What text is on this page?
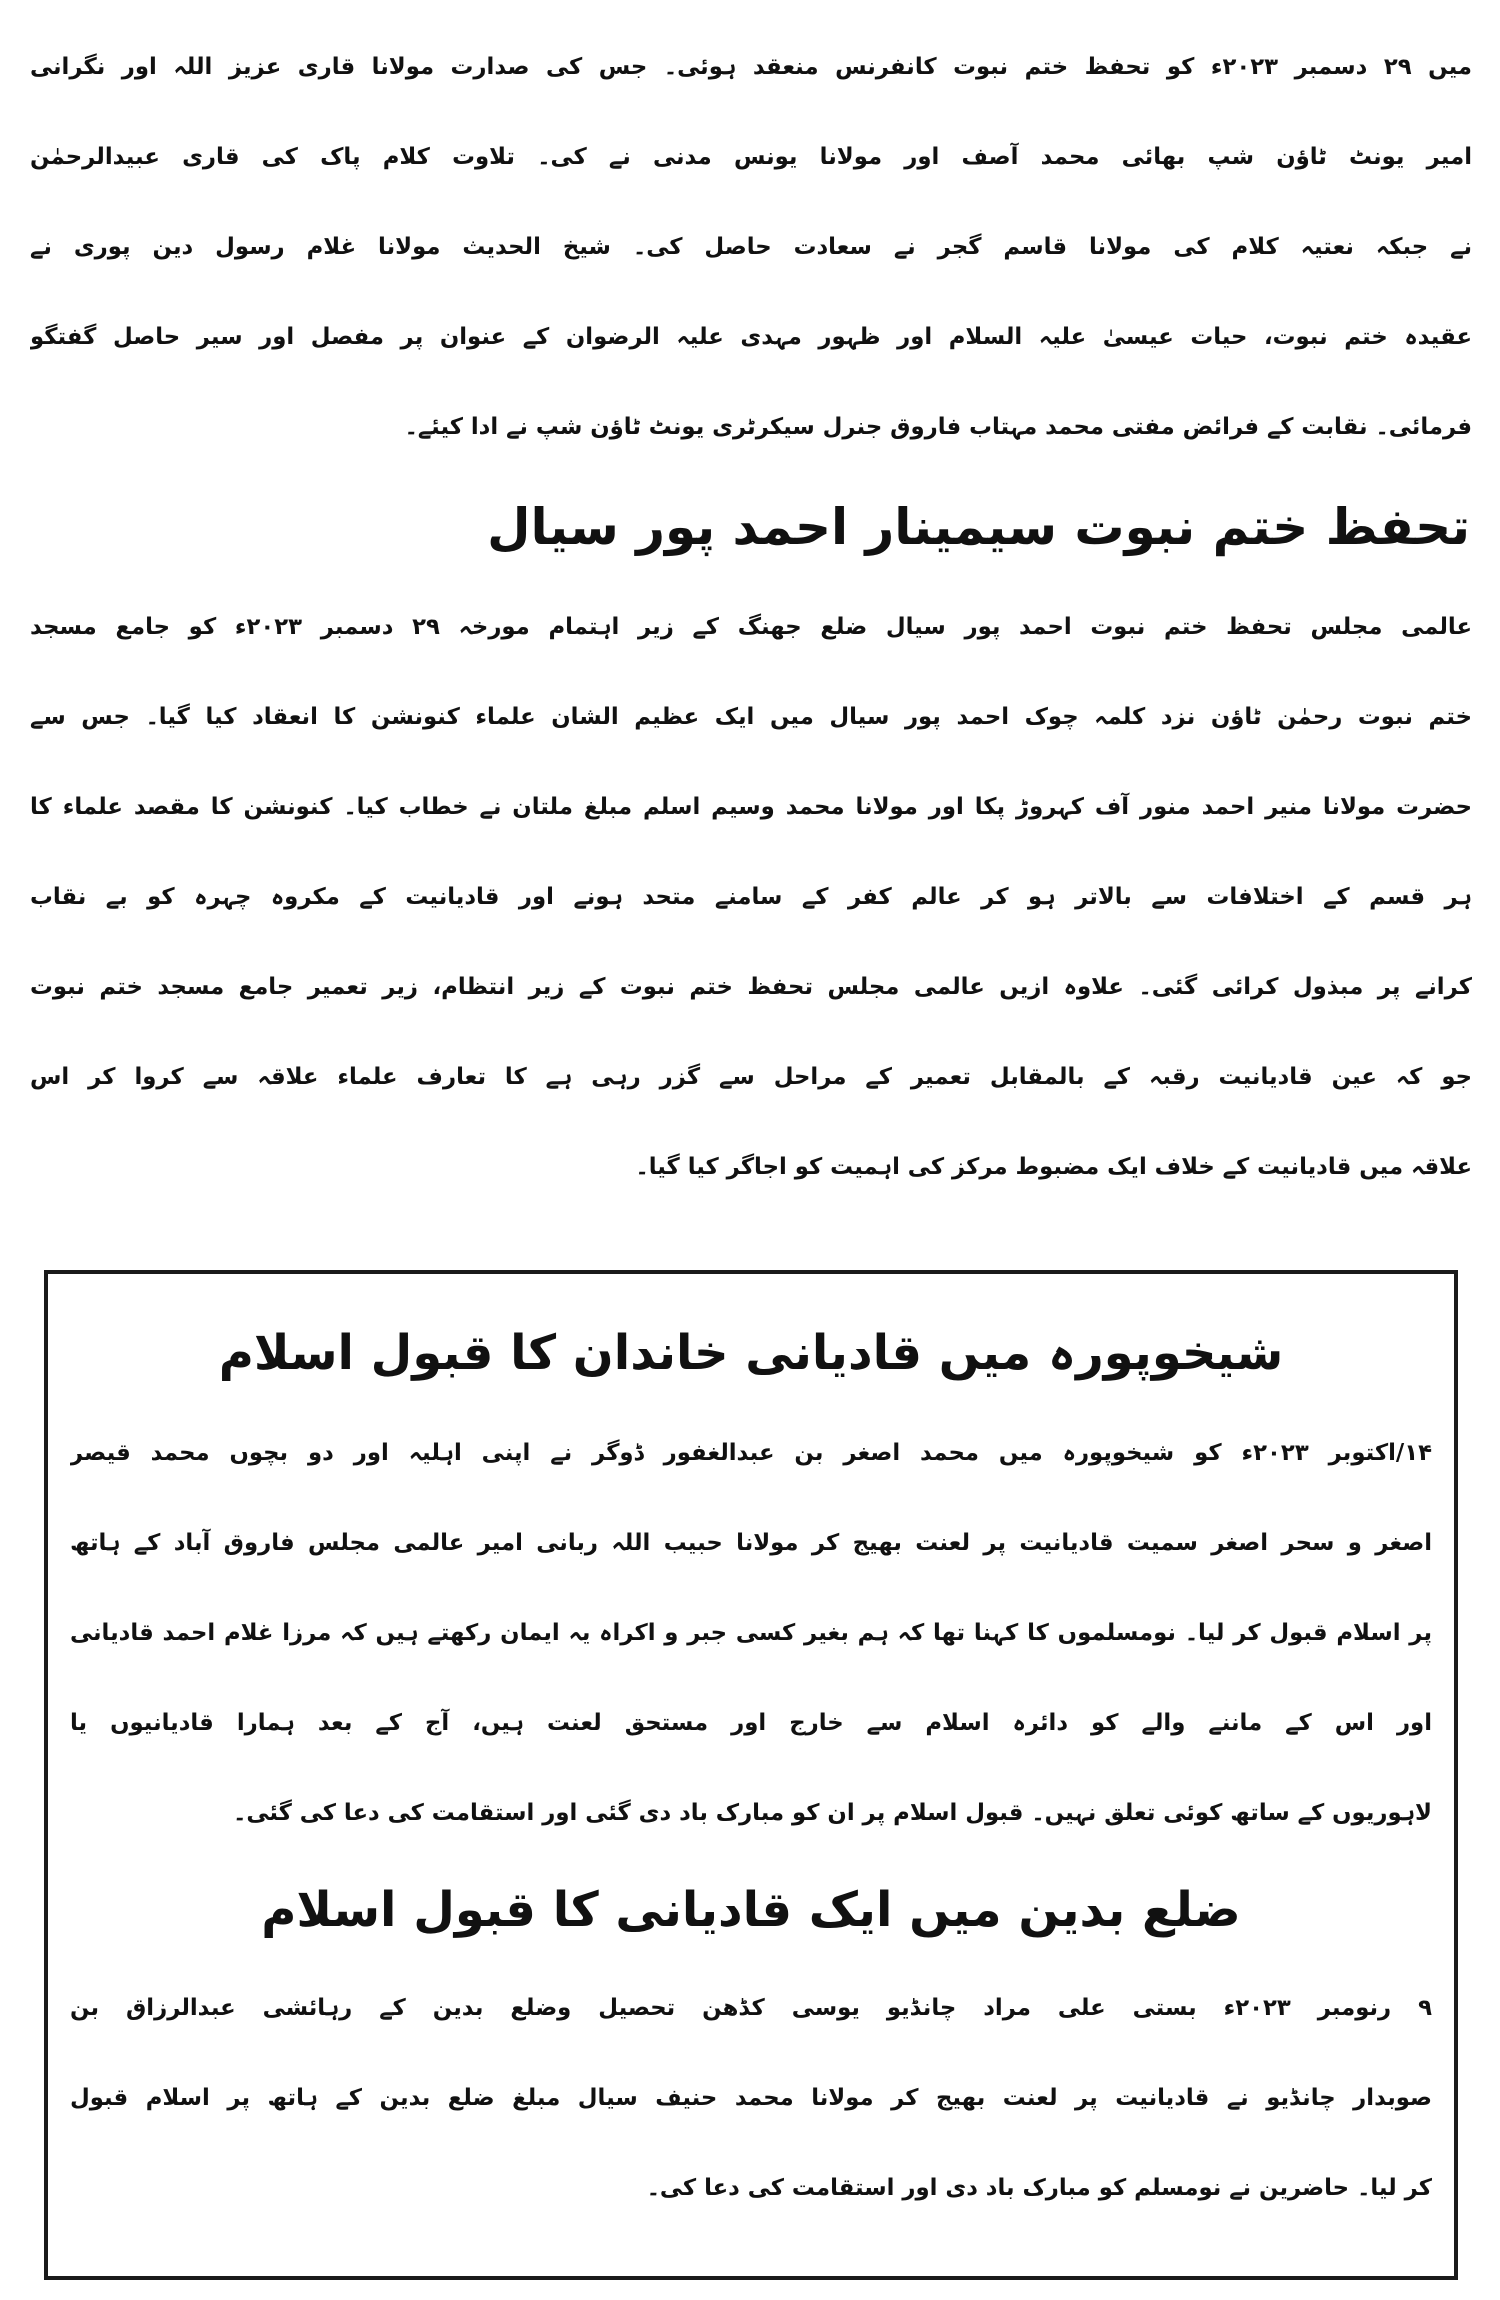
میں ۲۹ دسمبر ۲۰۲۳ء کو تحفظ ختم نبوت کانفرنس منعقد ہوئی۔ جس کی صدارت مولانا قاری عزیز اللہ اور نگرانی
امیر یونٹ ٹاؤن شپ بھائی محمد آصف اور مولانا یونس مدنی نے کی۔ تلاوت کلام پاک کی قاری عبیدالرحمٰن
نے جبکہ نعتیہ کلام کی مولانا قاسم گجر نے سعادت حاصل کی۔ شیخ الحدیث مولانا غلام رسول دین پوری نے
عقیدہ ختم نبوت، حیات عیسیٰ علیہ السلام اور ظہور مہدی علیہ الرضوان کے عنوان پر مفصل اور سیر حاصل گفتگو
فرمائی۔ نقابت کے فرائض مفتی محمد مہتاب فاروق جنرل سیکرٹری یونٹ ٹاؤن شپ نے ادا کیئے۔
تحفظ ختم نبوت سیمینار احمد پور سیال
عالمی مجلس تحفظ ختم نبوت احمد پور سیال ضلع جھنگ کے زیر اہتمام مورخہ ۲۹ دسمبر ۲۰۲۳ء کو جامع مسجد
ختم نبوت رحمٰن ٹاؤن نزد کلمہ چوک احمد پور سیال میں ایک عظیم الشان علماء کنونشن کا انعقاد کیا گیا۔ جس سے
حضرت مولانا منیر احمد منور آف کہروڑ پکا اور مولانا محمد وسیم اسلم مبلغ ملتان نے خطاب کیا۔ کنونشن کا مقصد علماء کا
ہر قسم کے اختلافات سے بالاتر ہو کر عالم کفر کے سامنے متحد ہونے اور قادیانیت کے مکروہ چہرہ کو بے نقاب
کرانے پر مبذول کرائی گئی۔ علاوہ ازیں عالمی مجلس تحفظ ختم نبوت کے زیر انتظام، زیر تعمیر جامع مسجد ختم نبوت
جو کہ عین قادیانیت رقبہ کے بالمقابل تعمیر کے مراحل سے گزر رہی ہے کا تعارف علماء علاقہ سے کروا کر اس
علاقہ میں قادیانیت کے خلاف ایک مضبوط مرکز کی اہمیت کو اجاگر کیا گیا۔
شیخوپورہ میں قادیانی خاندان کا قبول اسلام
۱۴/اکتوبر ۲۰۲۳ء کو شیخوپورہ میں محمد اصغر بن عبدالغفور ڈوگر نے اپنی اہلیہ اور دو بچوں محمد قیصر
اصغر و سحر اصغر سمیت قادیانیت پر لعنت بھیج کر مولانا حبیب اللہ ربانی امیر عالمی مجلس فاروق آباد کے ہاتھ
پر اسلام قبول کر لیا۔ نومسلموں کا کہنا تھا کہ ہم بغیر کسی جبر و اکراہ یہ ایمان رکھتے ہیں کہ مرزا غلام احمد قادیانی
اور اس کے ماننے والے کو دائرہ اسلام سے خارج اور مستحق لعنت ہیں، آج کے بعد ہمارا قادیانیوں یا
لاہوریوں کے ساتھ کوئی تعلق نہیں۔ قبول اسلام پر ان کو مبارک باد دی گئی اور استقامت کی دعا کی گئی۔
ضلع بدین میں ایک قادیانی کا قبول اسلام
۹ رنومبر ۲۰۲۳ء بستی علی مراد چانڈیو یوسی کڈھن تحصیل وضلع بدین کے رہائشی عبدالرزاق بن
صوبدار چانڈیو نے قادیانیت پر لعنت بھیج کر مولانا محمد حنیف سیال مبلغ ضلع بدین کے ہاتھ پر اسلام قبول
کر لیا۔ حاضرین نے نومسلم کو مبارک باد دی اور استقامت کی دعا کی۔
